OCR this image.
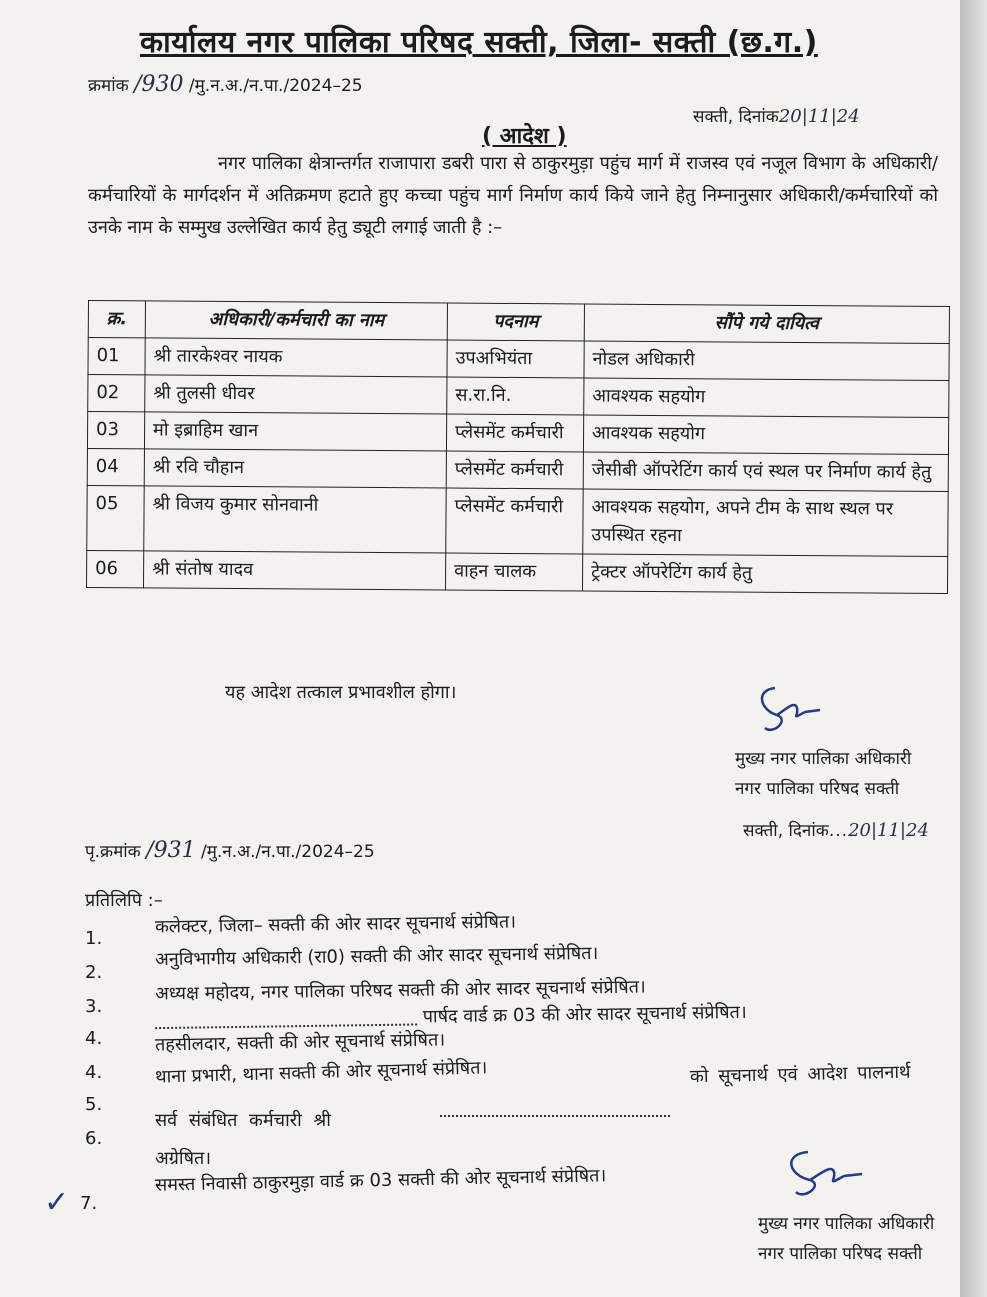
कार्यालय नगर पालिका परिषद सक्ती, जिला- सक्ती (छ.ग.)
क्रमांक /930 /मु.न.अ./न.पा./2024–25
सक्ती, दिनांक20|11|24
( आदेश )
नगर पालिका क्षेत्रान्तर्गत राजापारा डबरी पारा से ठाकुरमुड़ा पहुंच मार्ग में राजस्व एवं नजूल विभाग के अधिकारी/कर्मचारियों के मार्गदर्शन में अतिक्रमण हटाते हुए कच्चा पहुंच मार्ग निर्माण कार्य किये जाने हेतु निम्नानुसार अधिकारी/कर्मचारियों को उनके नाम के सम्मुख उल्लेखित कार्य हेतु ड्यूटी लगाई जाती है :–
क्र.	अधिकारी/कर्मचारी का नाम	पदनाम	सौंपे गये दायित्व
01	श्री तारकेश्वर नायक	उपअभियंता	नोडल अधिकारी
02	श्री तुलसी धीवर	स.रा.नि.	आवश्यक सहयोग
03	मो इब्राहिम खान	प्लेसमेंट कर्मचारी	आवश्यक सहयोग
04	श्री रवि चौहान	प्लेसमेंट कर्मचारी	जेसीबी ऑपरेटिंग कार्य एवं स्थल पर निर्माण कार्य हेतु
05	श्री विजय कुमार सोनवानी	प्लेसमेंट कर्मचारी	आवश्यक सहयोग, अपने टीम के साथ स्थल पर उपस्थित रहना
06	श्री संतोष यादव	वाहन चालक	ट्रेक्टर ऑपरेटिंग कार्य हेतु
यह आदेश तत्काल प्रभावशील होगा।
मुख्य नगर पालिका अधिकारी
नगर पालिका परिषद सक्ती
सक्ती, दिनांक...20|11|24
पृ.क्रमांक /931 /मु.न.अ./न.पा./2024–25
प्रतिलिपि :–
1.
कलेक्टर, जिला– सक्ती की ओर सादर सूचनार्थ संप्रेषित।
2.
अनुविभागीय अधिकारी (रा0) सक्ती की ओर सादर सूचनार्थ संप्रेषित।
3.
अध्यक्ष महोदय, नगर पालिका परिषद सक्ती की ओर सादर सूचनार्थ संप्रेषित।
4.
पार्षद वार्ड क्र 03 की ओर सादर सूचनार्थ संप्रेषित।
4.
तहसीलदार, सक्ती की ओर सूचनार्थ संप्रेषित।
5.
थाना प्रभारी, थाना सक्ती की ओर सूचनार्थ संप्रेषित।
6.
सर्व संबंधित कर्मचारी श्री
को सूचनार्थ एवं आदेश पालनार्थ
अग्रेषित।
✓ 7.
समस्त निवासी ठाकुरमुड़ा वार्ड क्र 03 सक्ती की ओर सूचनार्थ संप्रेषित।
मुख्य नगर पालिका अधिकारी
नगर पालिका परिषद सक्ती
